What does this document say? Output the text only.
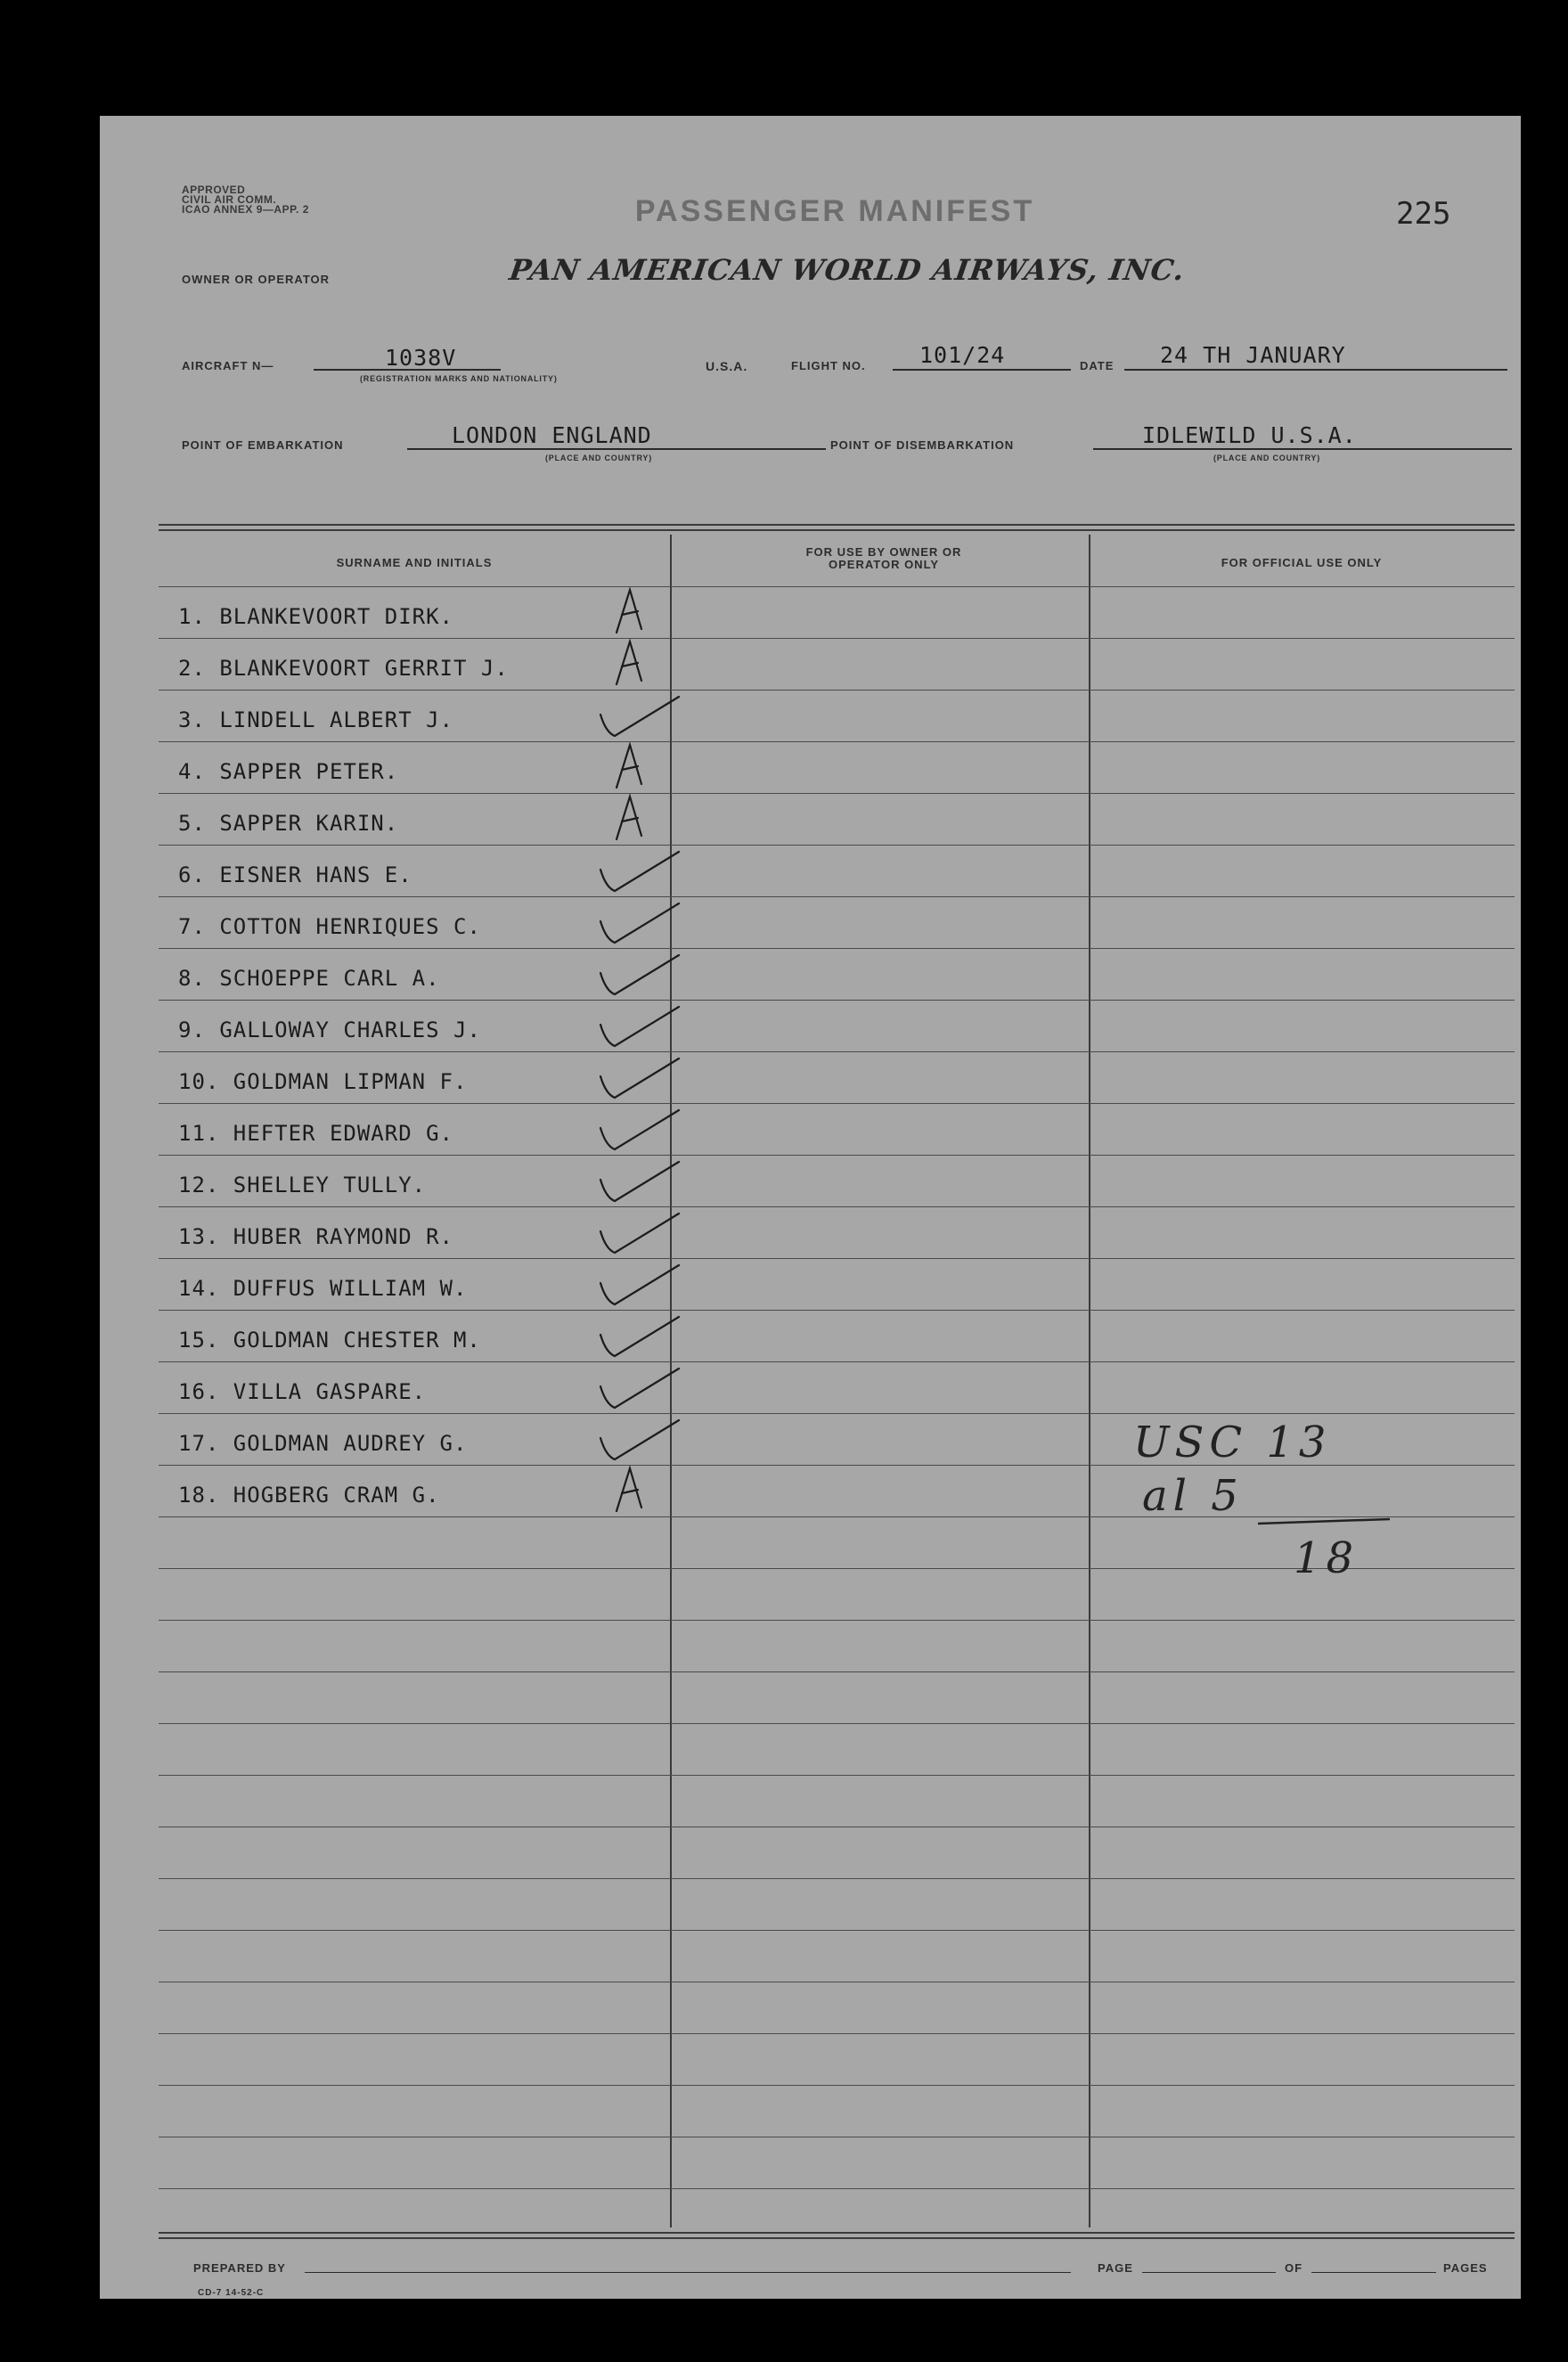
APPROVED
CIVIL AIR COMM.
ICAO ANNEX 9—APP. 2	PASSENGER MANIFEST	225
OWNER OR OPERATOR	PAN AMERICAN WORLD AIRWAYS, INC.
AIRCRAFT N—	1038V
(REGISTRATION MARKS AND NATIONALITY)
U.S.A.	FLIGHT NO. 101/24	DATE 24 TH JANUARY
POINT OF EMBARKATION	LONDON ENGLAND
(PLACE AND COUNTRY)
POINT OF DISEMBARKATION	IDLEWILD U.S.A.
(PLACE AND COUNTRY)
SURNAME AND INITIALS
FOR USE BY OWNER OR OPERATOR ONLY	FOR OFFICIAL USE ONLY
1. BLANKEVOORT DIRK.
2. BLANKEVOORT GERRIT J.
3. LINDELL ALBERT J.
4. SAPPER PETER.
5. SAPPER KARIN.
6. EISNER HANS E.
7. COTTON HENRIQUES C.
8. SCHOEPPE CARL A.
9. GALLOWAY CHARLES J.
10. GOLDMAN LIPMAN F.
11. HEFTER EDWARD G.
12. SHELLEY TULLY.
13. HUBER RAYMOND R.
14. DUFFUS WILLIAM W.
15. GOLDMAN CHESTER M.
16. VILLA GASPARE.
17. GOLDMAN AUDREY G.
18. HOGBERG CRAM G.
USC 13
al 5
18
PREPARED BY	PAGE	OF	PAGES
CD-7 14-52-C
